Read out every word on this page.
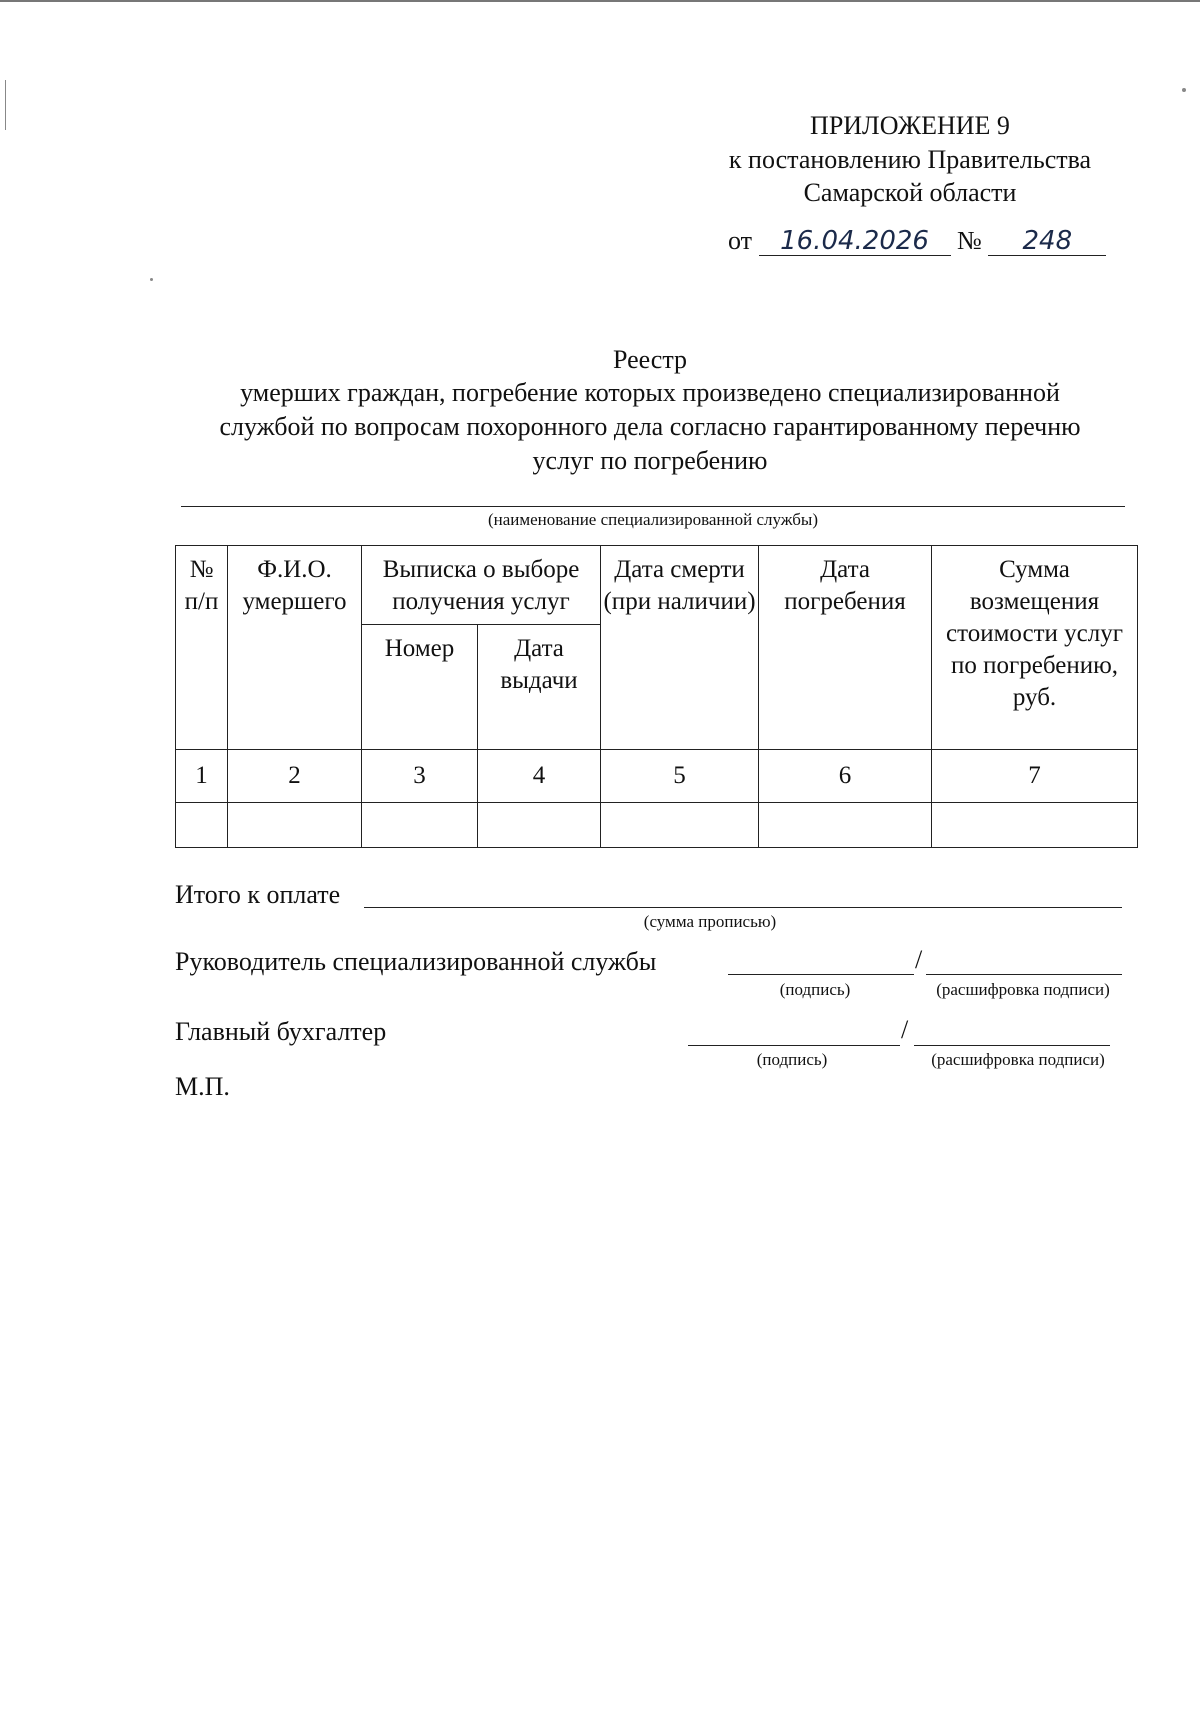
ПРИЛОЖЕНИЕ 9
к постановлению Правительства
Самарской области
от 16.04.2026 № 248
Реестр
умерших граждан, погребение которых произведено специализированной
службой по вопросам похоронного дела согласно гарантированному перечню
услуг по погребению
(наименование специализированной службы)
№ п/п	Ф.И.О. умершего	Выписка о выборе получения услуг		Дата смерти (при наличии)	Дата погребения	Сумма возмещения стоимости услуг по погребению, руб.
		Номер	Дата выдачи			
1	2	3	4	5	6	7

Итого к оплате
(сумма прописью)
Руководитель специализированной службы	/
(подпись)	(расшифровка подписи)
Главный бухгалтер	/
(подпись)	(расшифровка подписи)
М.П.
